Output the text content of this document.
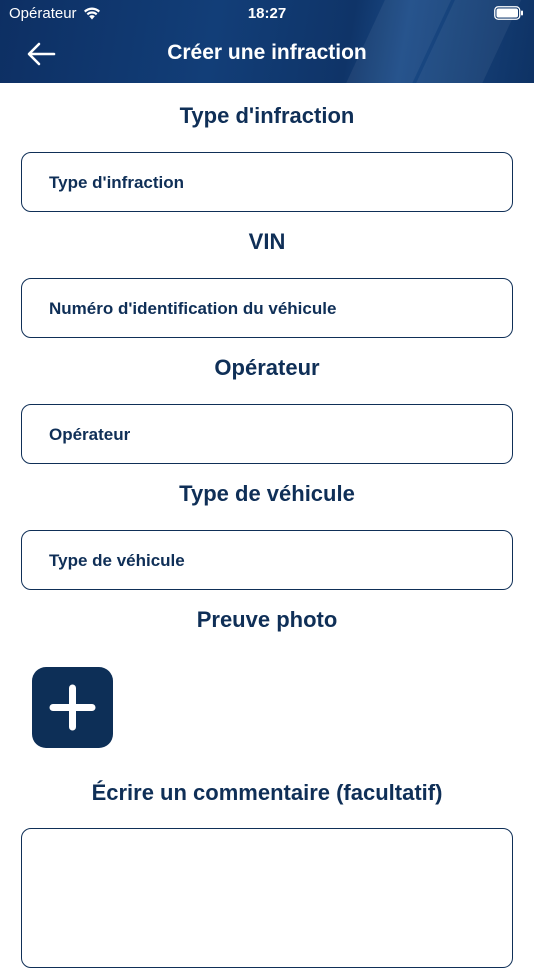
Opérateur	18:27
Créer une infraction
Type d'infraction
Type d'infraction
VIN
Numéro d'identification du véhicule
Opérateur
Opérateur
Type de véhicule
Type de véhicule
Preuve photo
Écrire un commentaire (facultatif)
